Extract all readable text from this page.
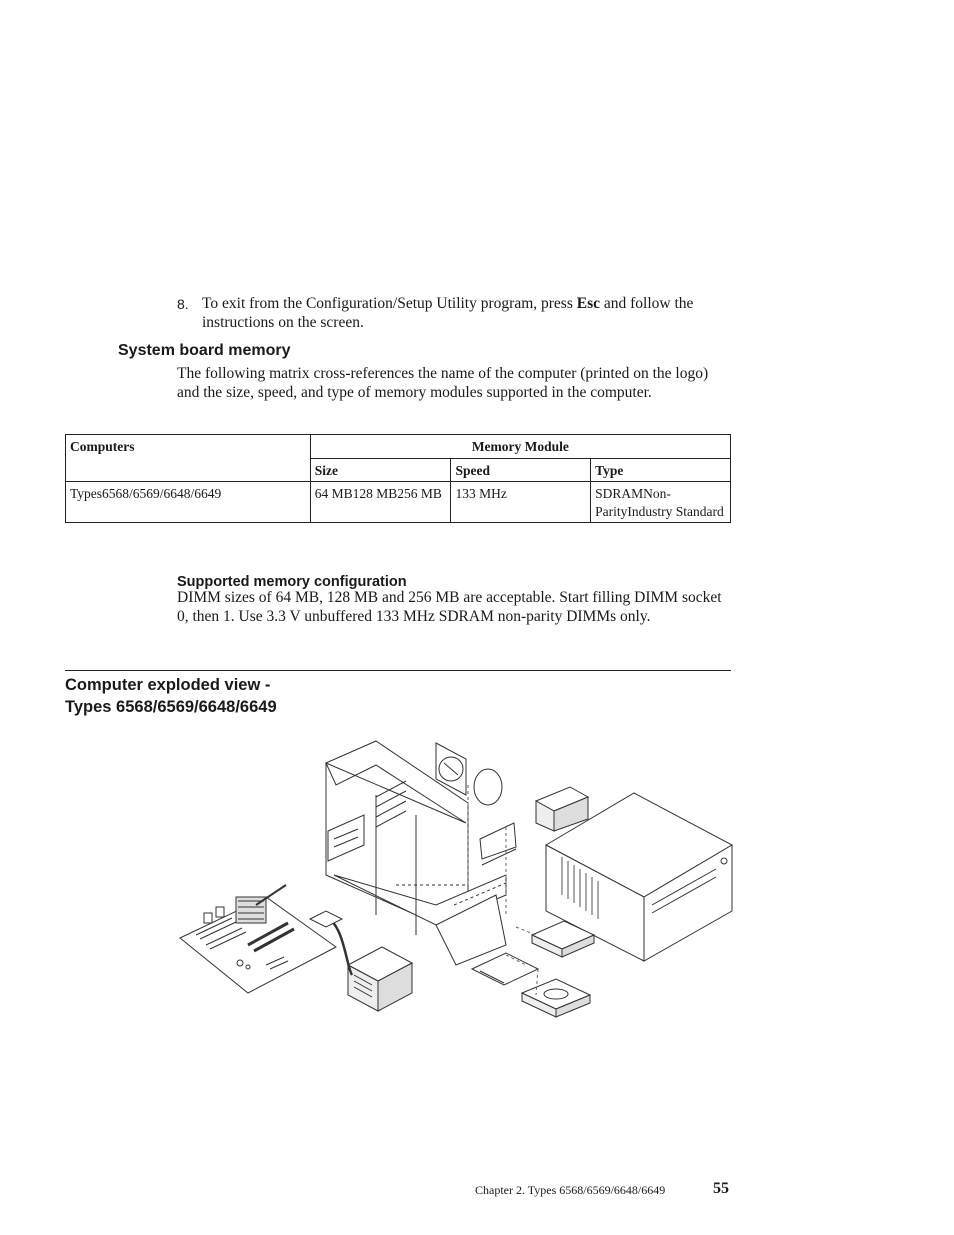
8. To exit from the Configuration/Setup Utility program, press Esc and follow the instructions on the screen.
System board memory
The following matrix cross-references the name of the computer (printed on the logo) and the size, speed, and type of memory modules supported in the computer.
Computers	Memory Module		
	Size	Speed	Type
Types6568/6569/6648/6649	64 MB128 MB256 MB	133 MHz	SDRAMNon-ParityIndustry Standard
Supported memory configuration
DIMM sizes of 64 MB, 128 MB and 256 MB are acceptable. Start filling DIMM socket 0, then 1. Use 3.3 V unbuffered 133 MHz SDRAM non-parity DIMMs only.
Computer exploded view -
Types 6568/6569/6648/6649
Chapter 2. Types 6568/6569/6648/6649	55
